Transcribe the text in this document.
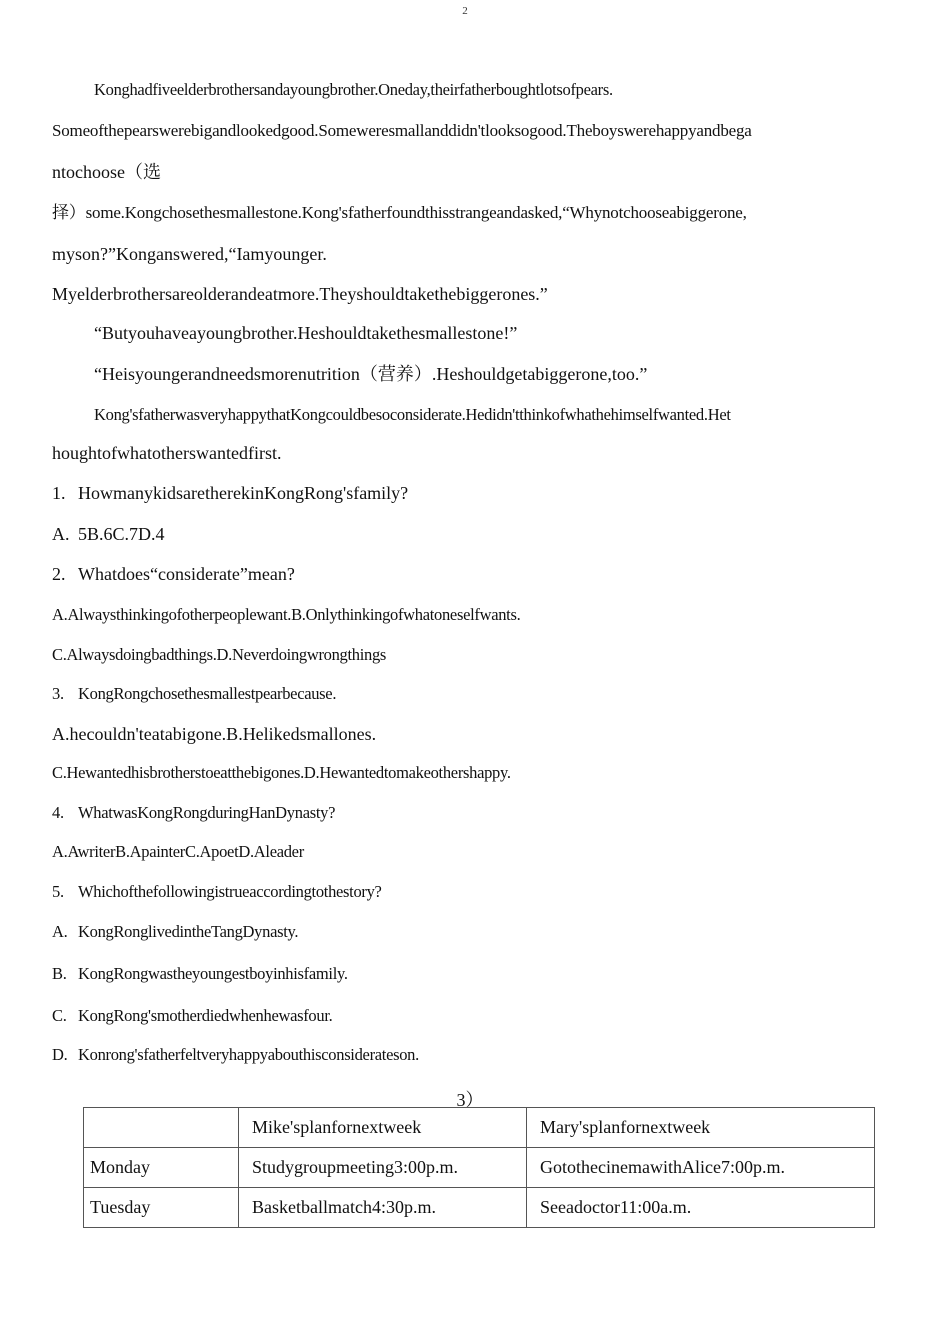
2
Konghadfiveelderbrothersandayoungbrother.Oneday,theirfatherboughtlotsofpears.
Someofthepearswerebigandlookedgood.Someweresmallanddidn'tlooksogood.Theboyswerehappyandbega
ntochoose（选
择）some.Kongchosethesmallestone.Kong'sfatherfoundthisstrangeandasked,“Whynotchooseabiggerone,
myson?”Konganswered,“Iamyounger.
Myelderbrothersareolderandeatmore.Theyshouldtakethebiggerones.”
“Butyouhaveayoungbrother.Heshouldtakethesmallestone!”
“Heisyoungerandneedsmorenutrition（营养）.Heshouldgetabiggerone,too.”
Kong'sfatherwasveryhappythatKongcouldbesoconsiderate.Hedidn'tthinkofwhathehimselfwanted.Het
houghtofwhatotherswantedfirst.
1. HowmanykidsaretherekinKongRong'sfamily?
A. 5B.6C.7D.4
2. Whatdoes“considerate”mean?
A.Alwaysthinkingofotherpeoplewant.B.Onlythinkingofwhatoneselfwants.
C.Alwaysdoingbadthings.D.Neverdoingwrongthings
3. KongRongchosethesmallestpearbecause.
A.hecouldn'teatabigone.B.Helikedsmallones.
C.Hewantedhisbrotherstoeatthebigones.D.Hewantedtomakeothershappy.
4. WhatwasKongRongduringHanDynasty?
A.AwriterB.ApainterC.ApoetD.Aleader
5. Whichofthefollowingistrueaccordingtothestory?
A. KongRonglivedintheTangDynasty.
B. KongRongwastheyoungestboyinhisfamily.
C. KongRong'smotherdiedwhenhewasfour.
D. Konrong'sfatherfeltveryhappyabouthisconsiderateson.
3）
	Mike'splanfornextweek	Mary'splanfornextweek
Monday	Studygroupmeeting3:00p.m.	GotothecinemawithAlice7:00p.m.
Tuesday	Basketballmatch4:30p.m.	Seeadoctor11:00a.m.
